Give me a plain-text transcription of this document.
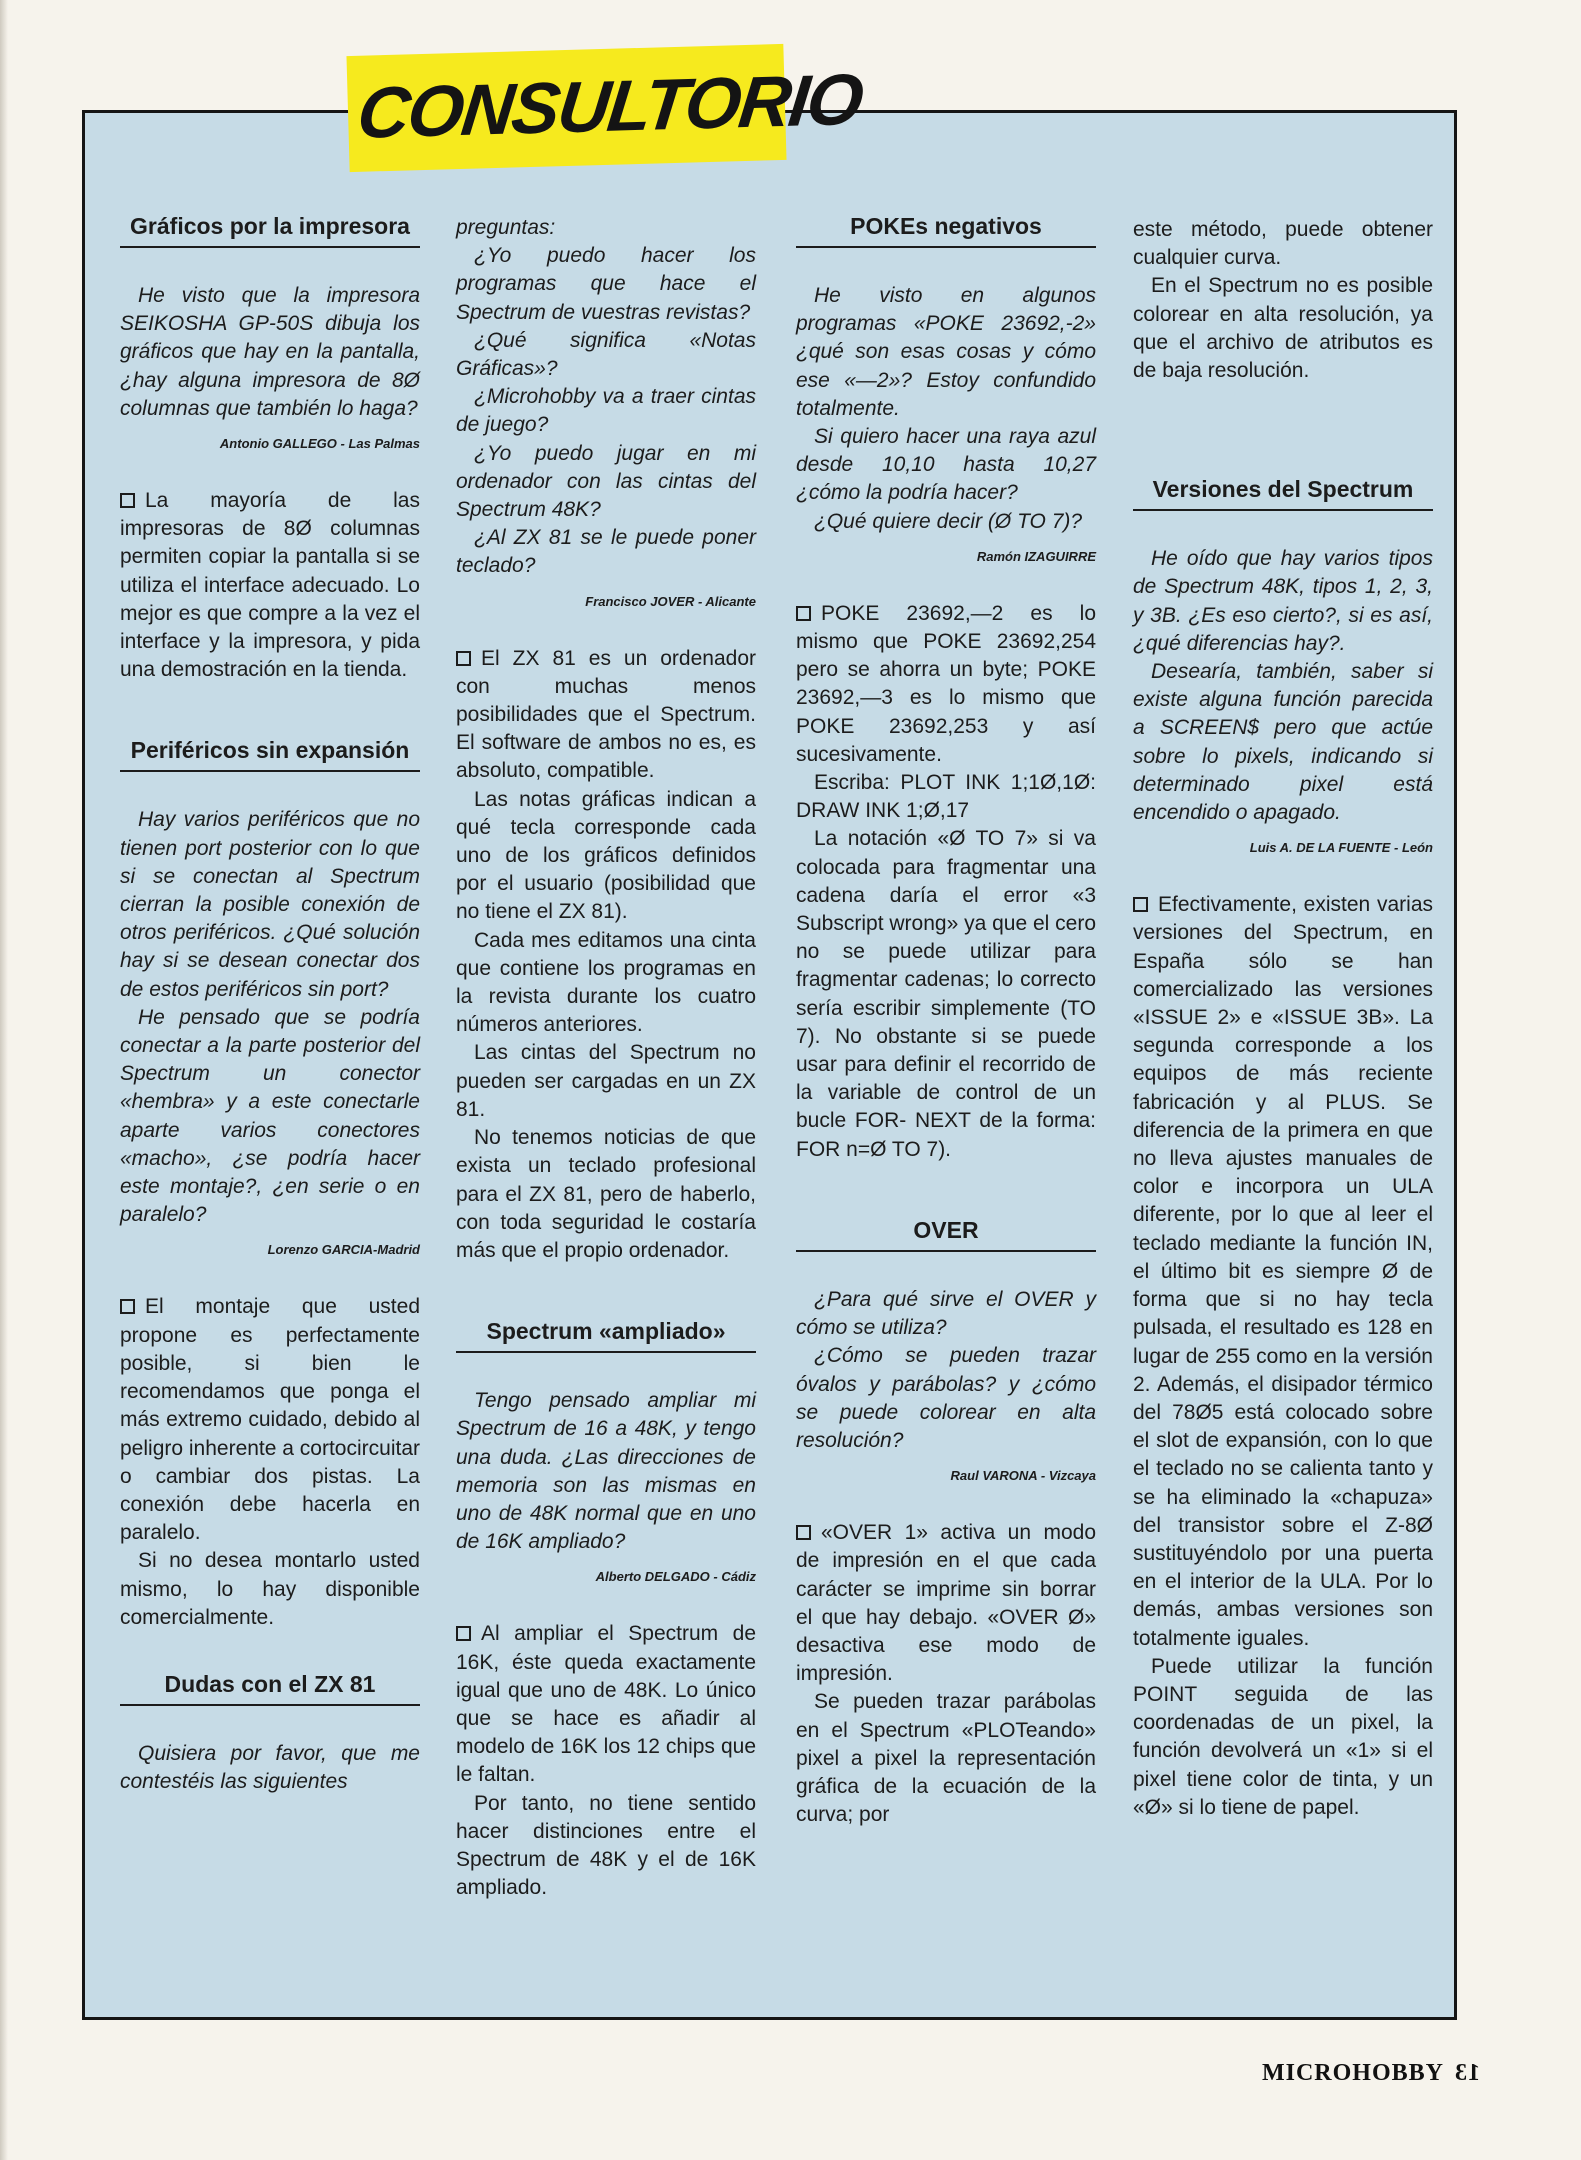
CONSULTORIO
Gráficos por la impresora

He visto que la impresora SEIKOSHA GP-50S dibuja los gráficos que hay en la pantalla, ¿hay alguna impresora de 8Ø columnas que también lo haga?

Antonio GALLEGO - Las Palmas

La mayoría de las impresoras de 8Ø columnas permiten copiar la pantalla si se utiliza el interface adecuado. Lo mejor es que compre a la vez el interface y la impresora, y pida una demostración en la tienda.

Periféricos sin expansión

Hay varios periféricos que no tienen port posterior con lo que si se conectan al Spectrum cierran la posible conexión de otros periféricos. ¿Qué solución hay si se desean conectar dos de estos periféricos sin port?

He pensado que se podría conectar a la parte posterior del Spectrum un conector «hembra» y a este conectarle aparte varios conectores «macho», ¿se podría hacer este montaje?, ¿en serie o en paralelo?

Lorenzo GARCIA-Madrid

El montaje que usted propone es perfectamente posible, si bien le recomendamos que ponga el más extremo cuidado, debido al peligro inherente a cortocircuitar o cambiar dos pistas. La conexión debe hacerla en paralelo.

Si no desea montarlo usted mismo, lo hay disponible comercialmente.

Dudas con el ZX 81

Quisiera por favor, que me contestéis las siguientes

preguntas:

¿Yo puedo hacer los programas que hace el Spectrum de vuestras revistas?

¿Qué significa «Notas Gráficas»?

¿Microhobby va a traer cintas de juego?

¿Yo puedo jugar en mi ordenador con las cintas del Spectrum 48K?

¿Al ZX 81 se le puede poner teclado?

Francisco JOVER - Alicante

El ZX 81 es un ordenador con muchas menos posibilidades que el Spectrum. El software de ambos no es, es absoluto, compatible.

Las notas gráficas indican a qué tecla corresponde cada uno de los gráficos definidos por el usuario (posibilidad que no tiene el ZX 81).

Cada mes editamos una cinta que contiene los programas en la revista durante los cuatro números anteriores.

Las cintas del Spectrum no pueden ser cargadas en un ZX 81.

No tenemos noticias de que exista un teclado profesional para el ZX 81, pero de haberlo, con toda seguridad le costaría más que el propio ordenador.

Spectrum «ampliado»

Tengo pensado ampliar mi Spectrum de 16 a 48K, y tengo una duda. ¿Las direcciones de memoria son las mismas en uno de 48K normal que en uno de 16K ampliado?

Alberto DELGADO - Cádiz

Al ampliar el Spectrum de 16K, éste queda exactamente igual que uno de 48K. Lo único que se hace es añadir al modelo de 16K los 12 chips que le faltan.

Por tanto, no tiene sentido hacer distinciones entre el Spectrum de 48K y el de 16K ampliado.

POKEs negativos

He visto en algunos programas «POKE 23692,-2» ¿qué son esas cosas y cómo ese «—2»? Estoy confundido totalmente.

Si quiero hacer una raya azul desde 10,10 hasta 10,27 ¿cómo la podría hacer?

¿Qué quiere decir (Ø TO 7)?

Ramón IZAGUIRRE

POKE 23692,—2 es lo mismo que POKE 23692,254 pero se ahorra un byte; POKE 23692,—3 es lo mismo que POKE 23692,253 y así sucesivamente.

Escriba: PLOT INK 1;1Ø,1Ø: DRAW INK 1;Ø,17

La notación «Ø TO 7» si va colocada para fragmentar una cadena daría el error «3 Subscript wrong» ya que el cero no se puede utilizar para fragmentar cadenas; lo correcto sería escribir simplemente (TO 7). No obstante si se puede usar para definir el recorrido de la variable de control de un bucle FOR- NEXT de la forma: FOR n=Ø TO 7).

OVER

¿Para qué sirve el OVER y cómo se utiliza?

¿Cómo se pueden trazar óvalos y parábolas? y ¿cómo se puede colorear en alta resolución?

Raul VARONA - Vizcaya

«OVER 1» activa un modo de impresión en el que cada carácter se imprime sin borrar el que hay debajo. «OVER Ø» desactiva ese modo de impresión.

Se pueden trazar parábolas en el Spectrum «PLOTeando» pixel a pixel la representación gráfica de la ecuación de la curva; por

este método, puede obtener cualquier curva.

En el Spectrum no es posible colorear en alta resolución, ya que el archivo de atributos es de baja resolución.

Versiones del Spectrum

He oído que hay varios tipos de Spectrum 48K, tipos 1, 2, 3, y 3B. ¿Es eso cierto?, si es así, ¿qué diferencias hay?.

Desearía, también, saber si existe alguna función parecida a SCREEN$ pero que actúe sobre lo pixels, indicando si determinado pixel está encendido o apagado.

Luis A. DE LA FUENTE - León

Efectivamente, existen varias versiones del Spectrum, en España sólo se han comercializado las versiones «ISSUE 2» e «ISSUE 3B». La segunda corresponde a los equipos de más reciente fabricación y al PLUS. Se diferencia de la primera en que no lleva ajustes manuales de color e incorpora un ULA diferente, por lo que al leer el teclado mediante la función IN, el último bit es siempre Ø de forma que si no hay tecla pulsada, el resultado es 128 en lugar de 255 como en la versión 2. Además, el disipador térmico del 78Ø5 está colocado sobre el slot de expansión, con lo que el teclado no se calienta tanto y se ha eliminado la «chapuza» del transistor sobre el Z-8Ø sustituyéndolo por una puerta en el interior de la ULA. Por lo demás, ambas versiones son totalmente iguales.

Puede utilizar la función POINT seguida de las coordenadas de un pixel, la función devolverá un «1» si el pixel tiene color de tinta, y un «Ø» si lo tiene de papel.

MICROHOBBY 13
